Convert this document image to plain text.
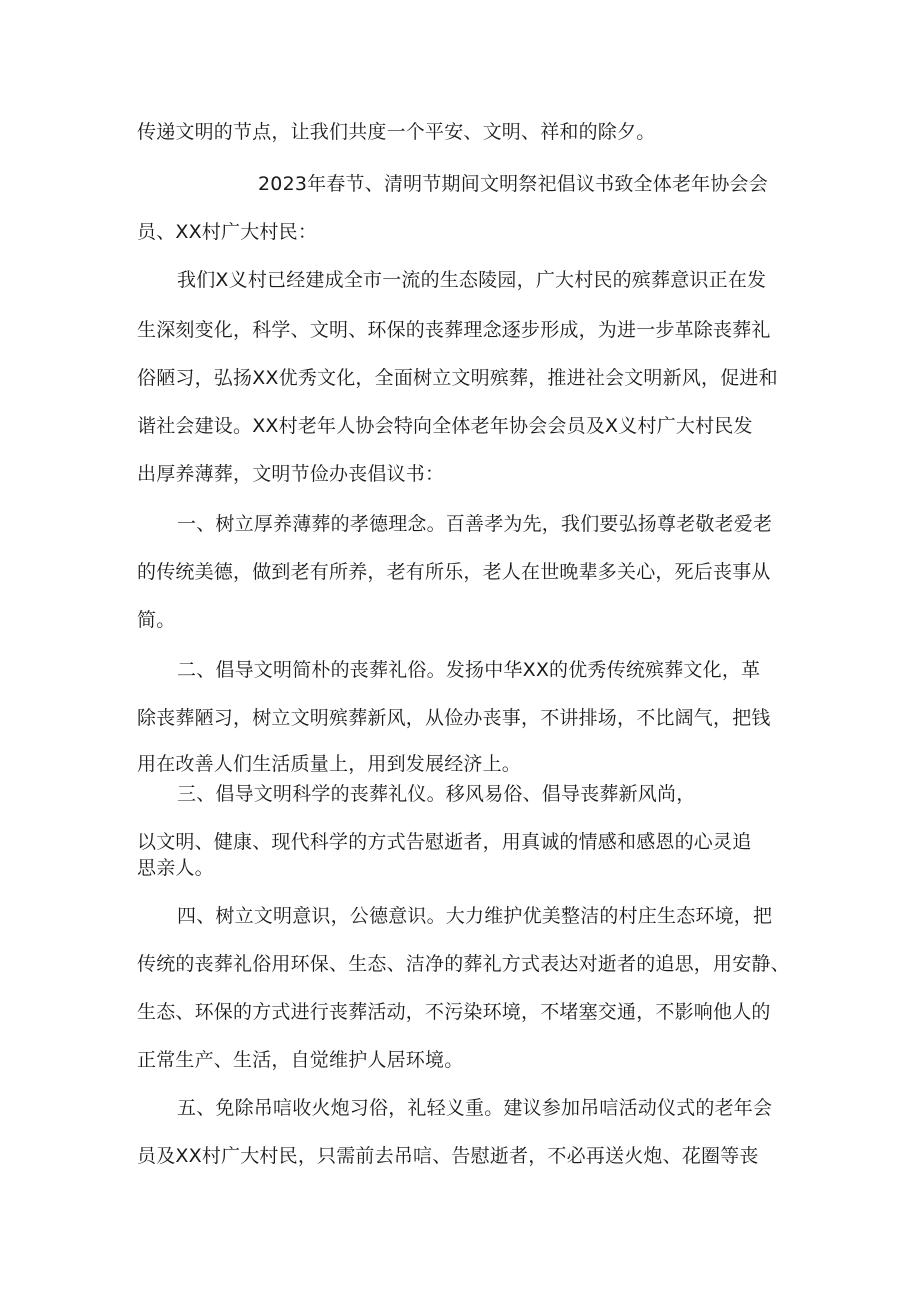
传递文明的节点，让我们共度一个平安、文明、祥和的除夕。
2023年春节、清明节期间文明祭祀倡议书致全体老年协会会
员、XX村广大村民：
我们X义村已经建成全市一流的生态陵园，广大村民的殡葬意识正在发
生深刻变化，科学、文明、环保的丧葬理念逐步形成，为进一步革除丧葬礼
俗陋习，弘扬XX优秀文化，全面树立文明殡葬，推进社会文明新风，促进和
谐社会建设。XX村老年人协会特向全体老年协会会员及X义村广大村民发
出厚养薄葬，文明节俭办丧倡议书：
一、树立厚养薄葬的孝德理念。百善孝为先，我们要弘扬尊老敬老爱老
的传统美德，做到老有所养，老有所乐，老人在世晚辈多关心，死后丧事从
简。
二、倡导文明简朴的丧葬礼俗。发扬中华XX的优秀传统殡葬文化，革
除丧葬陋习，树立文明殡葬新风，从俭办丧事，不讲排场，不比阔气，把钱
用在改善人们生活质量上，用到发展经济上。
三、倡导文明科学的丧葬礼仪。移风易俗、倡导丧葬新风尚，
以文明、健康、现代科学的方式告慰逝者，用真诚的情感和感恩的心灵追
思亲人。
四、树立文明意识，公德意识。大力维护优美整洁的村庄生态环境，把
传统的丧葬礼俗用环保、生态、洁净的葬礼方式表达对逝者的追思，用安静、
生态、环保的方式进行丧葬活动，不污染环境，不堵塞交通，不影响他人的
正常生产、生活，自觉维护人居环境。
五、免除吊唁收火炮习俗，礼轻义重。建议参加吊唁活动仪式的老年会
员及XX村广大村民，只需前去吊唁、告慰逝者，不必再送火炮、花圈等丧
